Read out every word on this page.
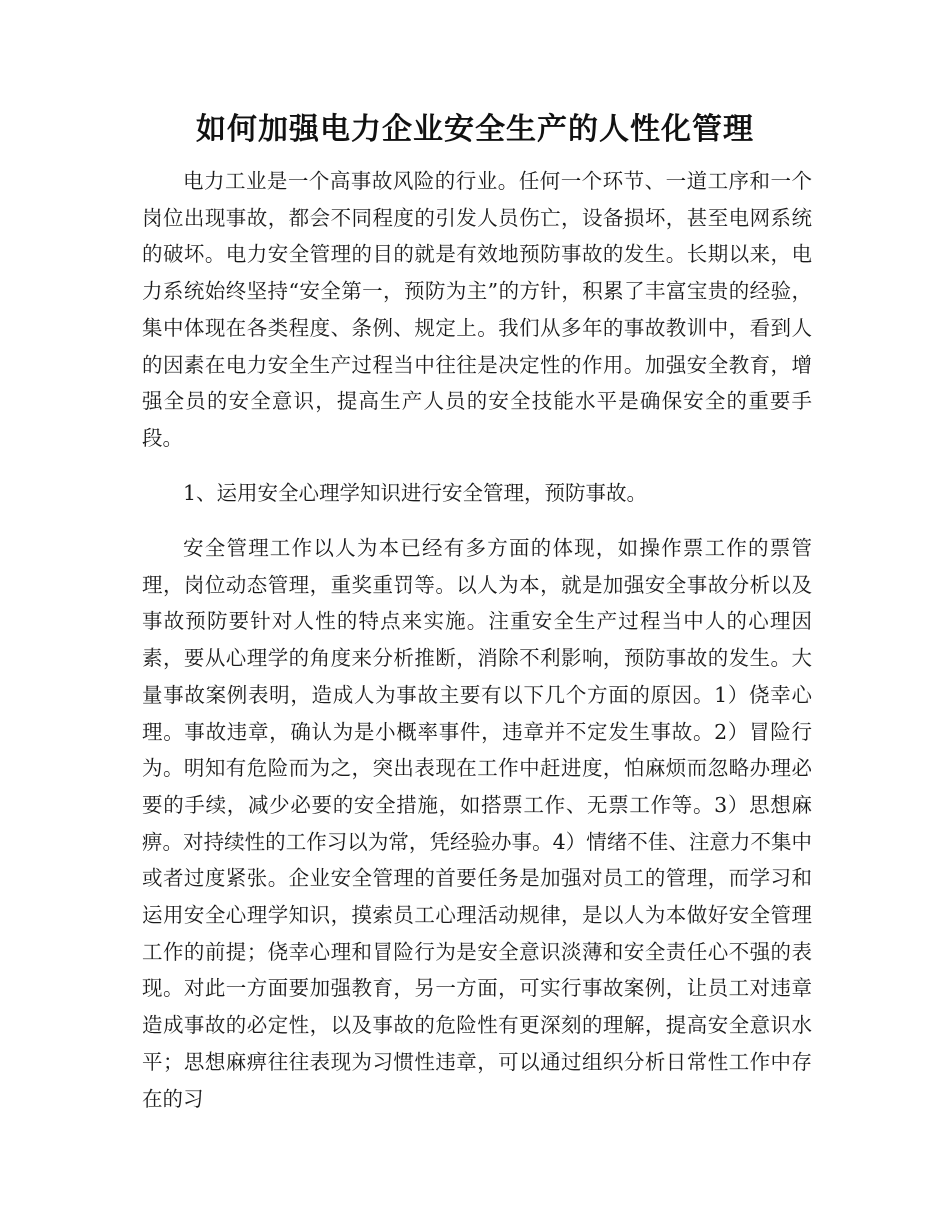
如何加强电力企业安全生产的人性化管理

电力工业是一个高事故风险的行业。任何一个环节、一道工序和一个岗位出现事故，都会不同程度的引发人员伤亡，设备损坏，甚至电网系统的破坏。电力安全管理的目的就是有效地预防事故的发生。长期以来，电力系统始终坚持“安全第一，预防为主”的方针，积累了丰富宝贵的经验，集中体现在各类程度、条例、规定上。我们从多年的事故教训中，看到人的因素在电力安全生产过程当中往往是决定性的作用。加强安全教育，增强全员的安全意识，提高生产人员的安全技能水平是确保安全的重要手段。

1、运用安全心理学知识进行安全管理，预防事故。

安全管理工作以人为本已经有多方面的体现，如操作票工作的票管理，岗位动态管理，重奖重罚等。以人为本，就是加强安全事故分析以及事故预防要针对人性的特点来实施。注重安全生产过程当中人的心理因素，要从心理学的角度来分析推断，消除不利影响，预防事故的发生。大量事故案例表明，造成人为事故主要有以下几个方面的原因。1）侥幸心理。事故违章，确认为是小概率事件，违章并不定发生事故。2）冒险行为。明知有危险而为之，突出表现在工作中赶进度，怕麻烦而忽略办理必要的手续，减少必要的安全措施，如搭票工作、无票工作等。3）思想麻痹。对持续性的工作习以为常，凭经验办事。4）情绪不佳、注意力不集中或者过度紧张。企业安全管理的首要任务是加强对员工的管理，而学习和运用安全心理学知识，摸索员工心理活动规律，是以人为本做好安全管理工作的前提；侥幸心理和冒险行为是安全意识淡薄和安全责任心不强的表现。对此一方面要加强教育，另一方面，可实行事故案例，让员工对违章造成事故的必定性，以及事故的危险性有更深刻的理解，提高安全意识水平；思想麻痹往往表现为习惯性违章，可以通过组织分析日常性工作中存在的习
